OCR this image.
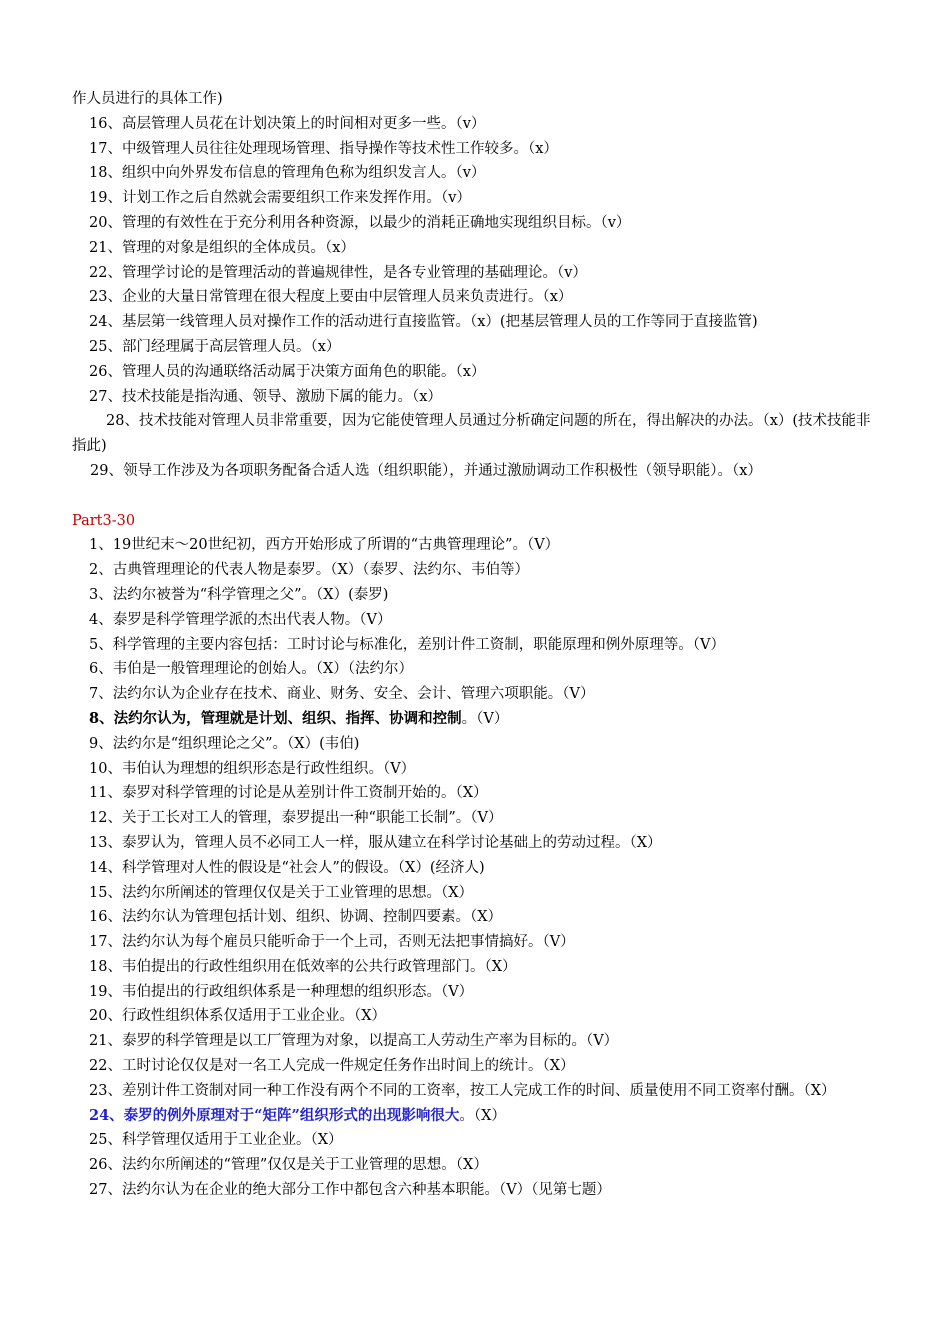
作人员进行的具体工作)
16、高层管理人员花在计划决策上的时间相对更多一些。（v）
17、中级管理人员往往处理现场管理、指导操作等技术性工作较多。（x）
18、组织中向外界发布信息的管理角色称为组织发言人。（v）
19、计划工作之后自然就会需要组织工作来发挥作用。（v）
20、管理的有效性在于充分利用各种资源，以最少的消耗正确地实现组织目标。（v）
21、管理的对象是组织的全体成员。（x）
22、管理学讨论的是管理活动的普遍规律性，是各专业管理的基础理论。（v）
23、企业的大量日常管理在很大程度上要由中层管理人员来负责进行。（x）
24、基层第一线管理人员对操作工作的活动进行直接监管。（x）(把基层管理人员的工作等同于直接监管)
25、部门经理属于高层管理人员。（x）
26、管理人员的沟通联络活动属于决策方面角色的职能。（x）
27、技术技能是指沟通、领导、激励下属的能力。（x）
28、技术技能对管理人员非常重要，因为它能使管理人员通过分析确定问题的所在，得出解决的办法。（x）(技术技能非指此)
29、领导工作涉及为各项职务配备合适人选（组织职能），并通过激励调动工作积极性（领导职能）。（x）
Part3-30
1、19世纪末～20世纪初，西方开始形成了所谓的“古典管理理论”。（V）
2、古典管理理论的代表人物是泰罗。（X）（泰罗、法约尔、韦伯等）
3、法约尔被誉为“科学管理之父”。（X）(泰罗)
4、泰罗是科学管理学派的杰出代表人物。（V）
5、科学管理的主要内容包括：工时讨论与标准化，差别计件工资制，职能原理和例外原理等。（V）
6、韦伯是一般管理理论的创始人。（X）（法约尔）
7、法约尔认为企业存在技术、商业、财务、安全、会计、管理六项职能。（V）
8、法约尔认为，管理就是计划、组织、指挥、协调和控制。（V）
9、法约尔是“组织理论之父”。（X）(韦伯)
10、韦伯认为理想的组织形态是行政性组织。（V）
11、泰罗对科学管理的讨论是从差别计件工资制开始的。（X）
12、关于工长对工人的管理，泰罗提出一种“职能工长制”。（V）
13、泰罗认为，管理人员不必同工人一样，服从建立在科学讨论基础上的劳动过程。（X）
14、科学管理对人性的假设是“社会人”的假设。（X）(经济人)
15、法约尔所阐述的管理仅仅是关于工业管理的思想。（X）
16、法约尔认为管理包括计划、组织、协调、控制四要素。（X）
17、法约尔认为每个雇员只能听命于一个上司，否则无法把事情搞好。（V）
18、韦伯提出的行政性组织用在低效率的公共行政管理部门。（X）
19、韦伯提出的行政组织体系是一种理想的组织形态。（V）
20、行政性组织体系仅适用于工业企业。（X）
21、泰罗的科学管理是以工厂管理为对象，以提高工人劳动生产率为目标的。（V）
22、工时讨论仅仅是对一名工人完成一件规定任务作出时间上的统计。（X）
23、差别计件工资制对同一种工作没有两个不同的工资率，按工人完成工作的时间、质量使用不同工资率付酬。（X）
24、泰罗的例外原理对于“矩阵”组织形式的出现影响很大。（X）
25、科学管理仅适用于工业企业。（X）
26、法约尔所阐述的“管理”仅仅是关于工业管理的思想。（X）
27、法约尔认为在企业的绝大部分工作中都包含六种基本职能。（V）（见第七题）
